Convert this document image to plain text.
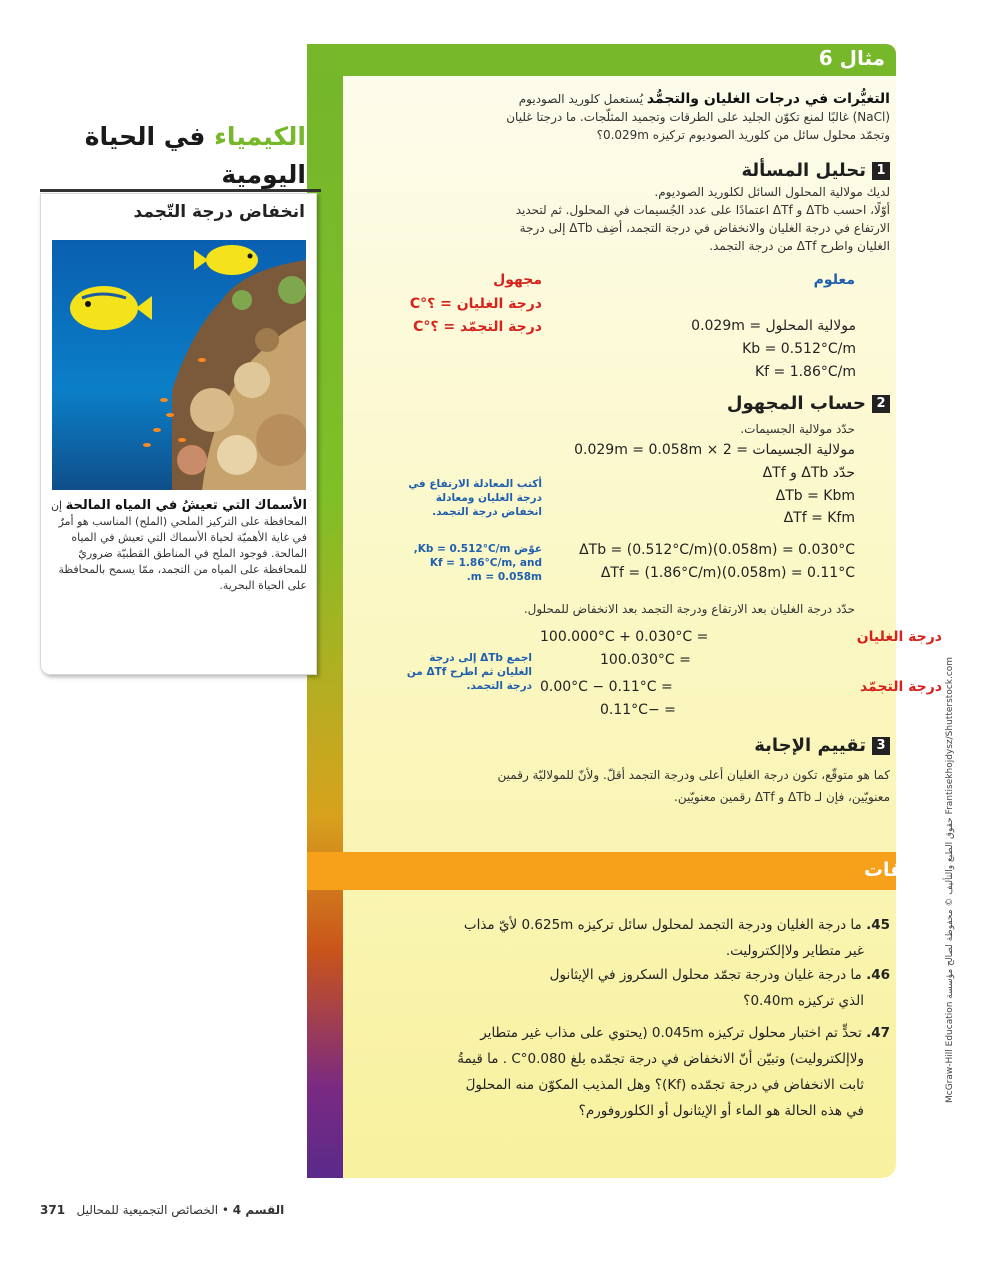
مثال 6
التغيُّرات في درجات الغليان والتجمُّد يُستعمل كلوريد الصوديوم
(NaCl) غالبًا لمنع تكوّن الجليد على الطرقات وتجميد المثلّجات. ما درجتا غليان
وتجمّد محلول سائل من كلوريد الصوديوم تركيزه 0.029m؟
1تحليل المسألة
لديك مولالية المحلول السائل لكلوريد الصوديوم.
أوّلًا، احسب ΔTb و ΔTf اعتمادًا على عدد الجُسيمات في المحلول. ثم لتحديد
الارتفاع في درجة الغليان والانخفاض في درجة التجمد، أضِف ΔTb إلى درجة
الغليان واطرح ΔTf من درجة التجمد.
معلوم
مجهول
درجة الغليان = ؟°C
درجة التجمّد = ؟°C	مولالية المحلول = 0.029m
Kb = 0.512°C/m
Kf = 1.86°C/m
2حساب المجهول
حدّد مولالية الجسيمات.
مولالية الجسيمات = 2 × 0.029m = 0.058m
حدّد ΔTb و ΔTf
ΔTb = Kbm
ΔTf = Kfm
أكتب المعادلة الارتفاع في درجة الغليان ومعادلة انخفاض درجة التجمد.
عوّض Kb = 0.512°C/m,
Kf = 1.86°C/m, and
m = 0.058m.
ΔTb = (0.512°C/m)(0.058m) = 0.030°C
ΔTf = (1.86°C/m)(0.058m) = 0.11°C
حدّد درجة الغليان بعد الارتفاع ودرجة التجمد بعد الانخفاض للمحلول.
درجة الغليان
= 100.000°C + 0.030°C
= 100.030°C
درجة التجمّد
= 0.00°C − 0.11°C
= −0.11°C
اجمع ΔTb إلى درجة الغليان ثم اطرح ΔTf من درجة التجمد.
3تقييم الإجابة
كما هو متوقّع، تكون درجة الغليان أعلى ودرجة التجمد أقلّ. ولأنّ للمولاليّة رقمين
معنويّين، فإن لـ ΔTb و ΔTf رقمين معنويّين.
تطبيقات
45. ما درجة الغليان ودرجة التجمد لمحلول سائل تركيزه 0.625m لأيّ مذاب
غير متطاير ولاإلكتروليت.
46. ما درجة غليان ودرجة تجمّد محلول السكروز في الإيثانول
الذي تركيزه 0.40m؟
47. تحدٍّ تم اختبار محلول تركيزه 0.045m (يحتوي على مذاب غير متطاير
ولاإلكتروليت) وتبيّن أنّ الانخفاض في درجة تجمّده بلغ 0.080°C . ما قيمةُ
ثابت الانخفاض في درجة تجمّده (Kf)؟ وهل المذيب المكوّن منه المحلولَ
في هذه الحالة هو الماء أو الإيثانول أو الكلوروفورم؟
الكيمياء في الحياة اليومية
انخفاض درجة التّجمد
الأسماك التي تعيشُ في المياه المالحة إن المحافظة على التركيز الملحي (الملح) المناسب هو أمرٌ في غاية الأهميّة لحياة الأسماك التي تعيش في المياه المالحة. فوجود الملح في المناطق القطبيّة ضروريٌ للمحافظة على المياه من التجمد، ممّا يسمح بالمحافظة على الحياة البحرية.
القسم 4 • الخصائص التجميعية للمحاليل   371
McGraw-Hill Education حقوق الطبع والتأليف © محفوظة لصالح مؤسسة Frantisekhojdysz/Shutterstock.com
